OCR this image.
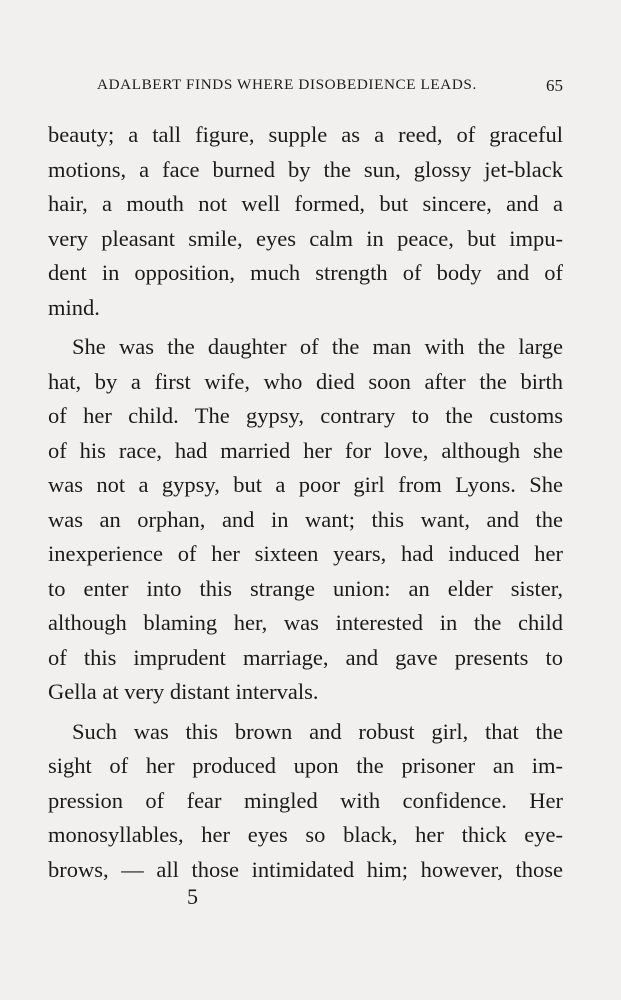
ADALBERT FINDS WHERE DISOBEDIENCE LEADS.	65
beauty; a tall figure, supple as a reed, of graceful
motions, a face burned by the sun, glossy jet-black
hair, a mouth not well formed, but sincere, and a
very pleasant smile, eyes calm in peace, but impu-
dent in opposition, much strength of body and of
mind.
She was the daughter of the man with the large
hat, by a first wife, who died soon after the birth
of her child. The gypsy, contrary to the customs
of his race, had married her for love, although she
was not a gypsy, but a poor girl from Lyons. She
was an orphan, and in want; this want, and the
inexperience of her sixteen years, had induced her
to enter into this strange union: an elder sister,
although blaming her, was interested in the child
of this imprudent marriage, and gave presents to
Gella at very distant intervals.
Such was this brown and robust girl, that the
sight of her produced upon the prisoner an im-
pression of fear mingled with confidence. Her
monosyllables, her eyes so black, her thick eye-
brows, — all those intimidated him; however, those
5
